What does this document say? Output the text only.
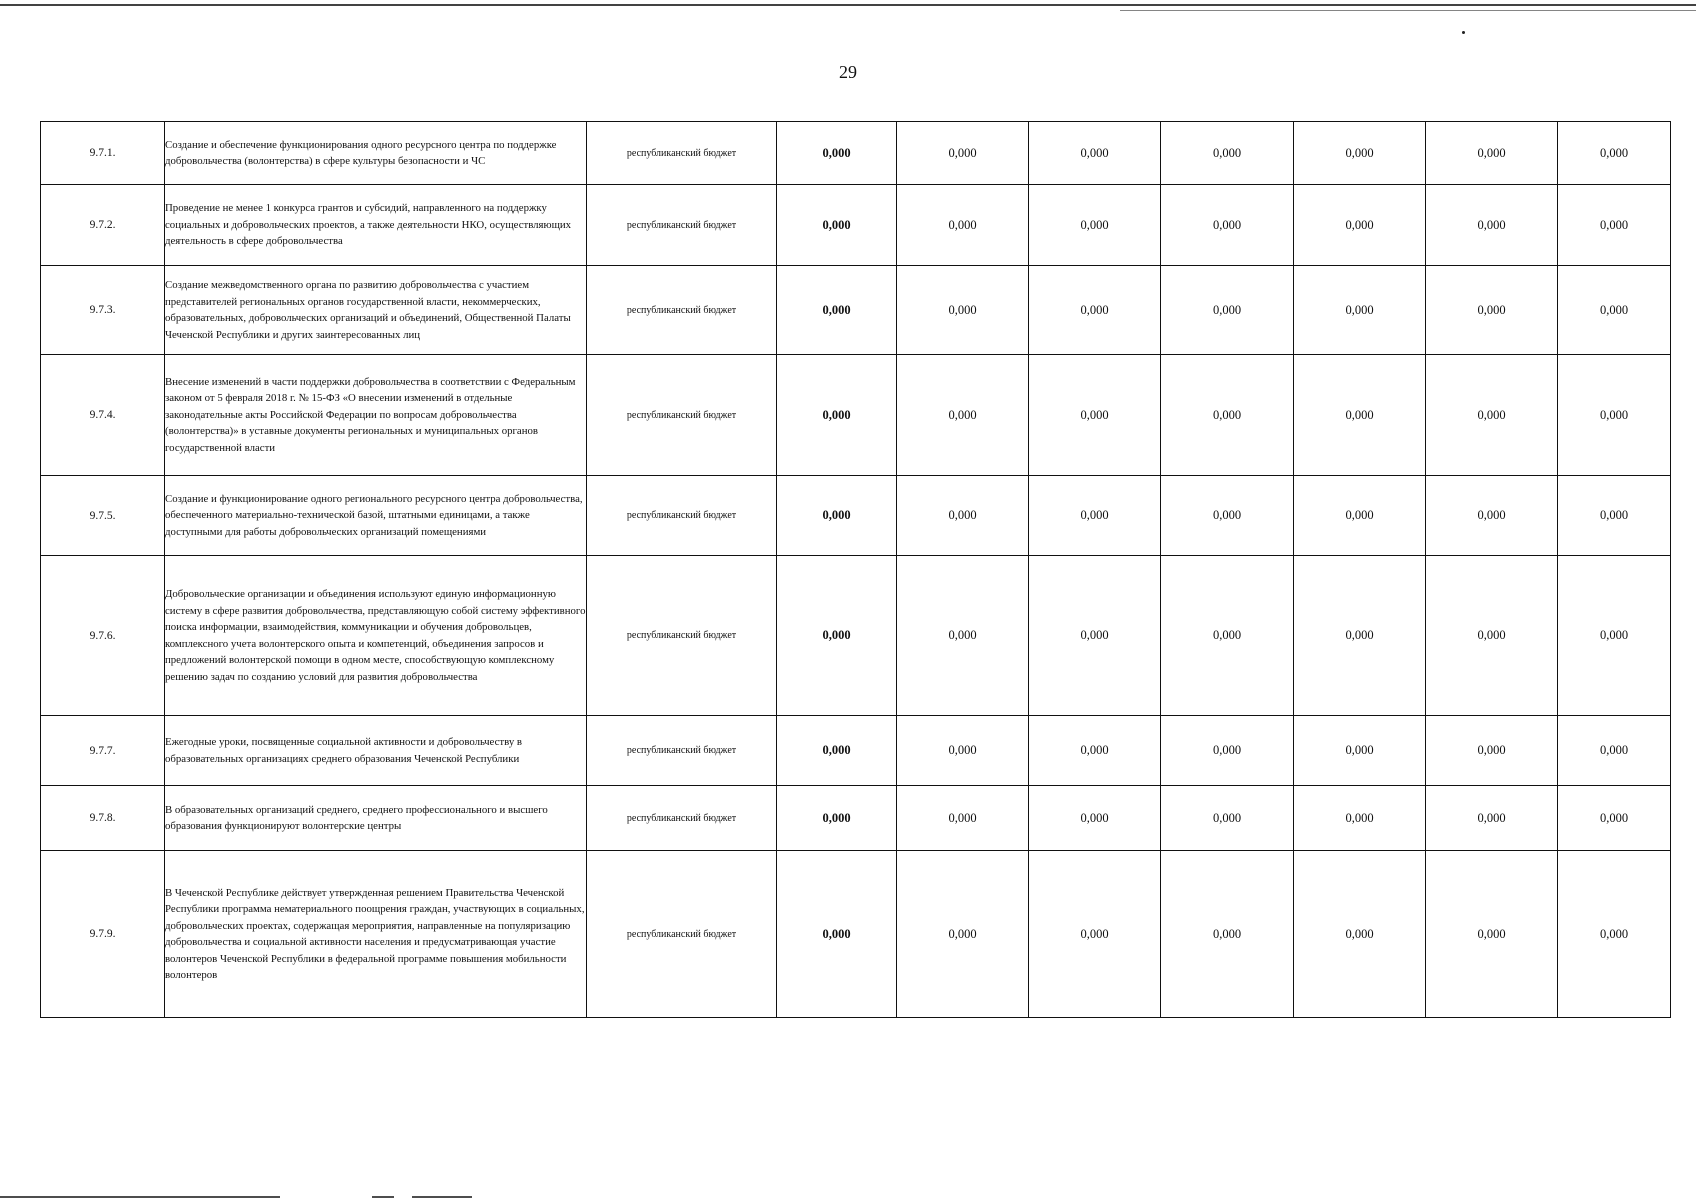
29
9.7.1.	Создание и обеспечение функционирования одного ресурсного центра по поддержке добровольчества (волонтерства) в сфере культуры безопасности и ЧС	республиканский бюджет	0,000	0,000	0,000	0,000	0,000	0,000	0,000
9.7.2.	Проведение не менее 1 конкурса грантов и субсидий, направленного на поддержку социальных и добровольческих проектов, а также деятельности НКО, осуществляющих деятельность в сфере добровольчества	республиканский бюджет	0,000	0,000	0,000	0,000	0,000	0,000	0,000
9.7.3.	Создание межведомственного органа по развитию добровольчества с участием представителей региональных органов государственной власти, некоммерческих, образовательных, добровольческих организаций и объединений, Общественной Палаты Чеченской Республики и других заинтересованных лиц	республиканский бюджет	0,000	0,000	0,000	0,000	0,000	0,000	0,000
9.7.4.	Внесение изменений в части поддержки добровольчества в соответствии с Федеральным законом от 5 февраля 2018 г. № 15-ФЗ «О внесении изменений в отдельные законодательные акты Российской Федерации по вопросам добровольчества (волонтерства)» в уставные документы региональных и муниципальных органов государственной власти	республиканский бюджет	0,000	0,000	0,000	0,000	0,000	0,000	0,000
9.7.5.	Создание и функционирование одного регионального ресурсного центра добровольчества, обеспеченного материально-технической базой, штатными единицами, а также доступными для работы добровольческих организаций помещениями	республиканский бюджет	0,000	0,000	0,000	0,000	0,000	0,000	0,000
9.7.6.	Добровольческие организации и объединения используют единую информационную систему в сфере развития добровольчества, представляющую собой систему эффективного поиска информации, взаимодействия, коммуникации и обучения добровольцев, комплексного учета волонтерского опыта и компетенций, объединения запросов и предложений волонтерской помощи в одном месте, способствующую комплексному решению задач по созданию условий для развития добровольчества	республиканский бюджет	0,000	0,000	0,000	0,000	0,000	0,000	0,000
9.7.7.	Ежегодные уроки, посвященные социальной активности и добровольчеству в образовательных организациях среднего образования Чеченской Республики	республиканский бюджет	0,000	0,000	0,000	0,000	0,000	0,000	0,000
9.7.8.	В образовательных организаций среднего, среднего профессионального и высшего образования функционируют волонтерские центры	республиканский бюджет	0,000	0,000	0,000	0,000	0,000	0,000	0,000
9.7.9.	В Чеченской Республике действует утвержденная решением Правительства Чеченской Республики программа нематериального поощрения граждан, участвующих в социальных, добровольческих проектах, содержащая мероприятия, направленные на популяризацию добровольчества и социальной активности населения и предусматривающая участие волонтеров Чеченской Республики в федеральной программе повышения мобильности волонтеров	республиканский бюджет	0,000	0,000	0,000	0,000	0,000	0,000	0,000
